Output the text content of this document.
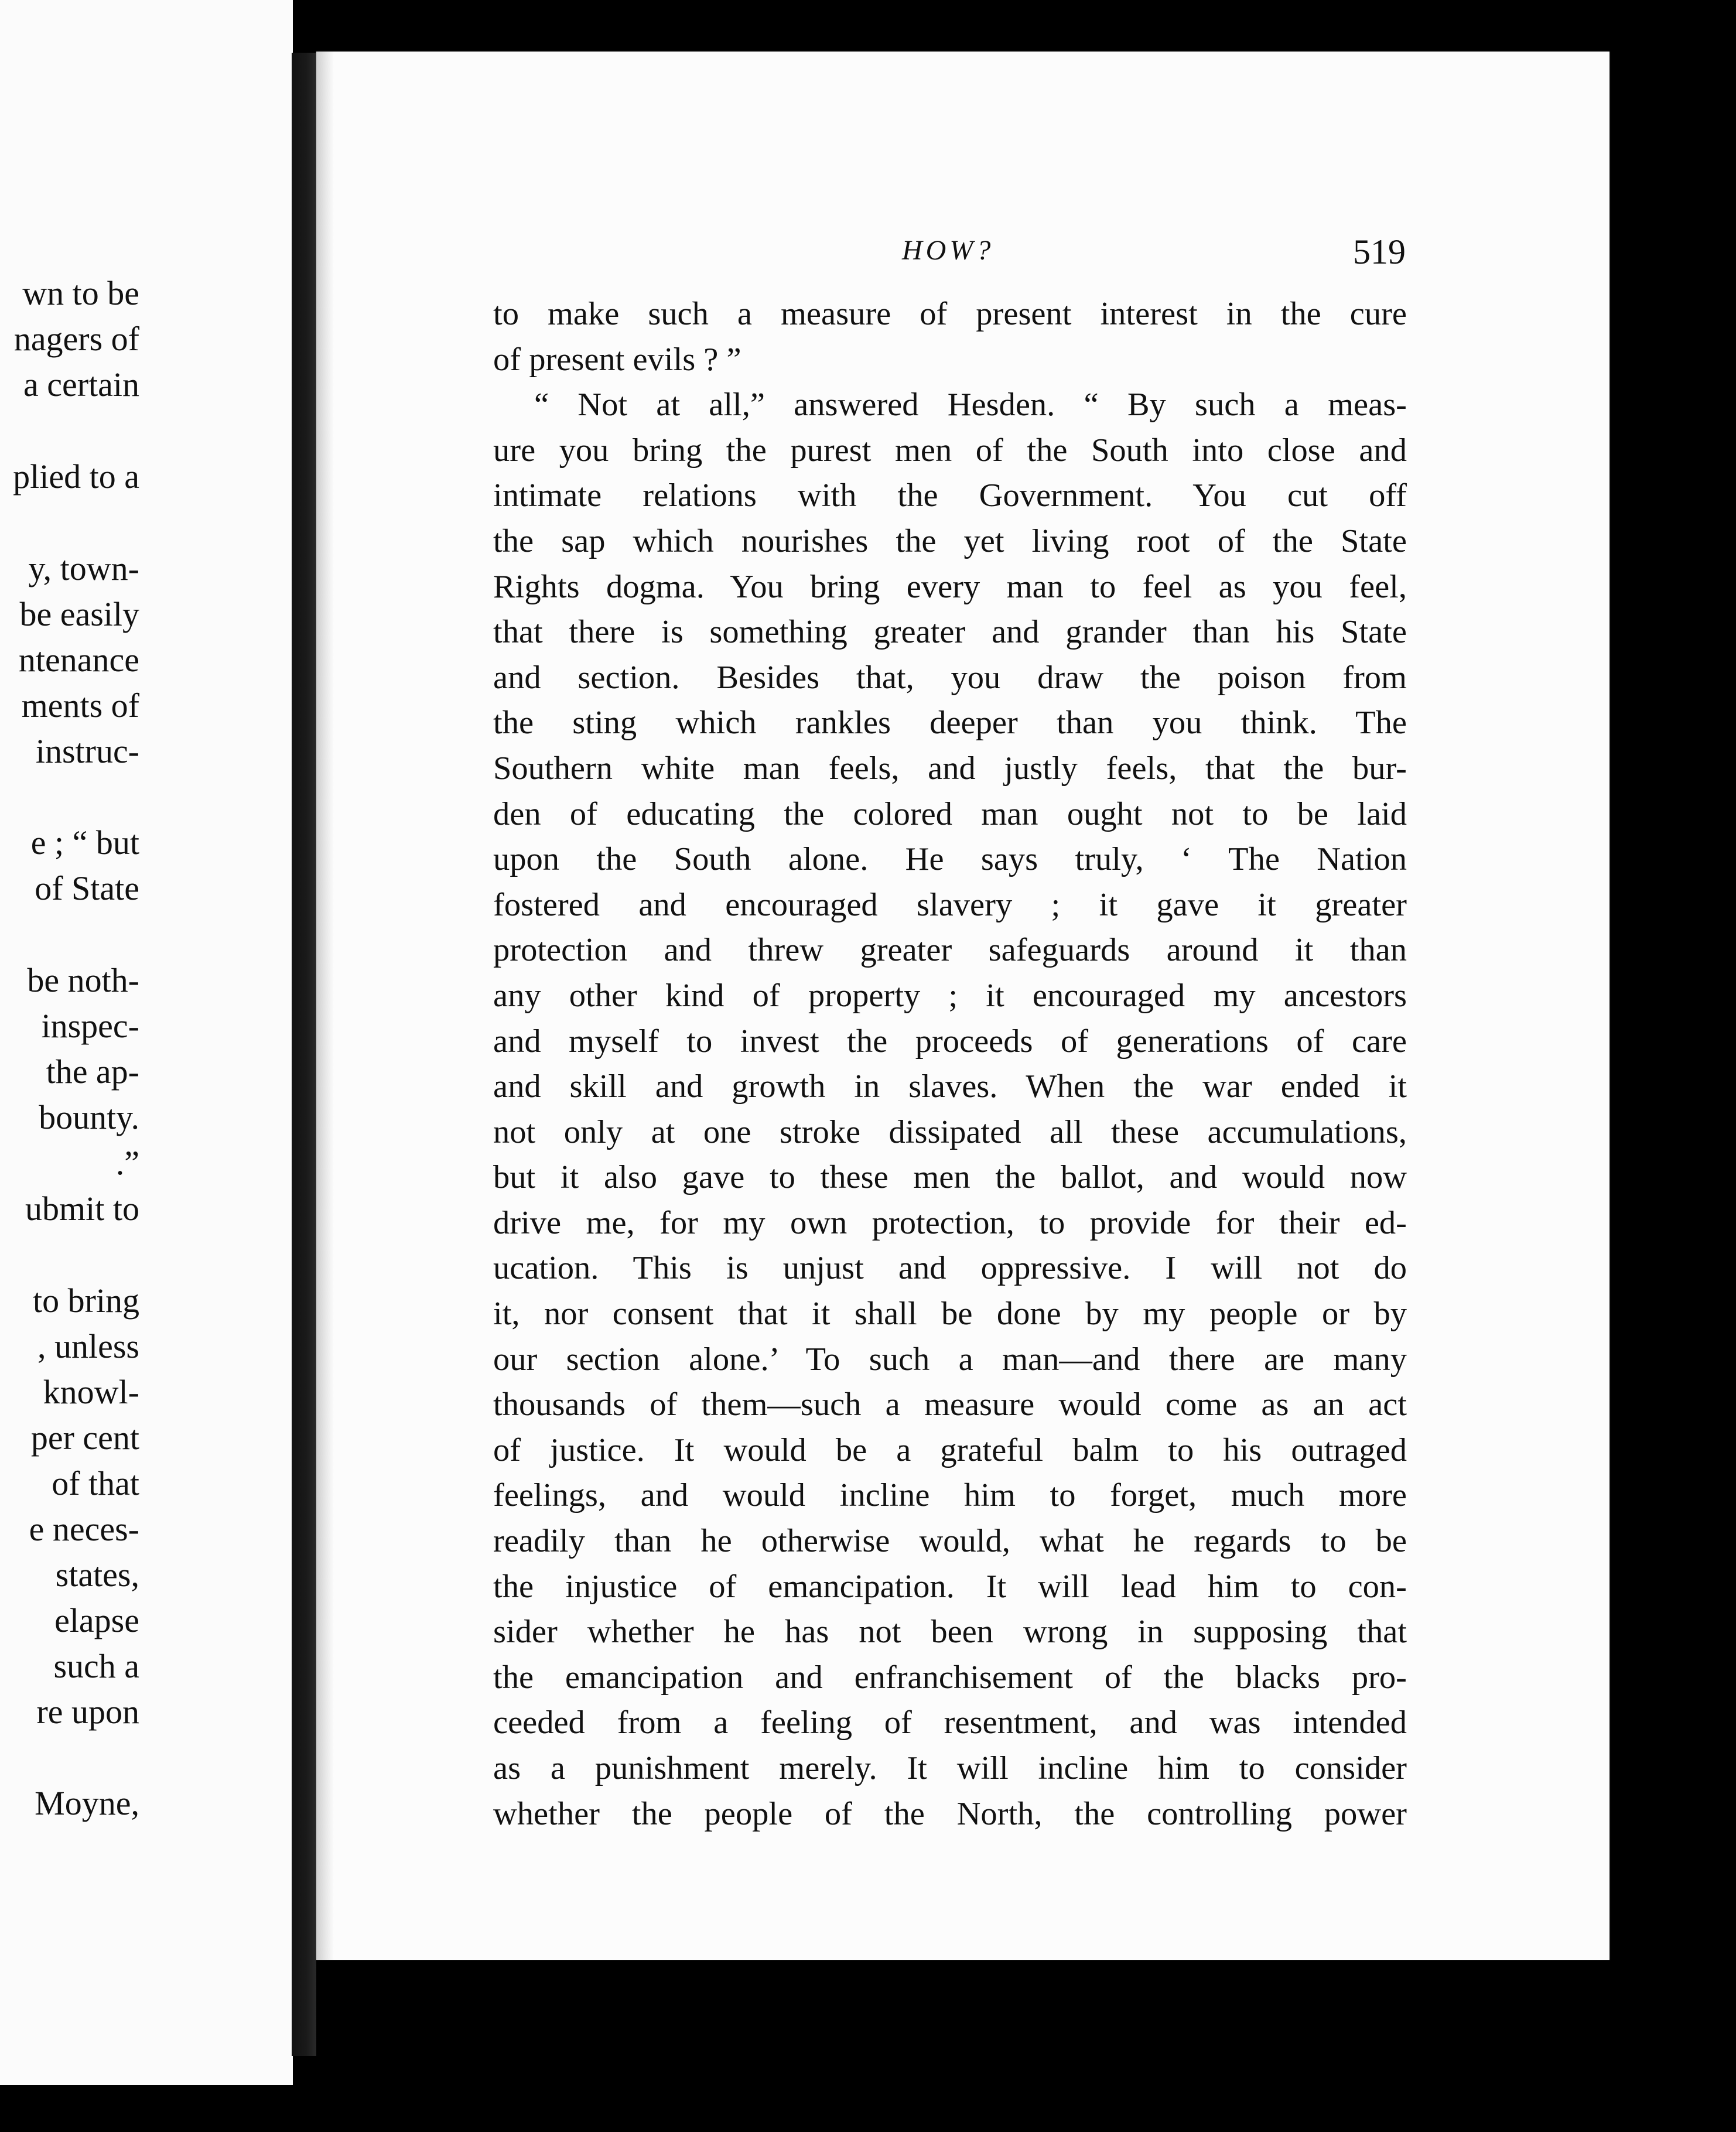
wn to be
nagers of
a certain
plied to a
y, town-
be easily
ntenance
ments of
instruc-
e ; “ but
of State
be noth-
inspec-
the ap-
bounty.
.”
ubmit to
to bring
, unless
knowl-
per cent
of that
e neces-
states,
elapse
such a
re upon
Moyne,
HOW?	519
to make such a measure of present interest in the cure
of present evils ? ”
“ Not at all,” answered Hesden. “ By such a meas-
ure you bring the purest men of the South into close and
intimate relations with the Government. You cut off
the sap which nourishes the yet living root of the State
Rights dogma. You bring every man to feel as you feel,
that there is something greater and grander than his State
and section. Besides that, you draw the poison from
the sting which rankles deeper than you think. The
Southern white man feels, and justly feels, that the bur-
den of educating the colored man ought not to be laid
upon the South alone. He says truly, ‘ The Nation
fostered and encouraged slavery ; it gave it greater
protection and threw greater safeguards around it than
any other kind of property ; it encouraged my ancestors
and myself to invest the proceeds of generations of care
and skill and growth in slaves. When the war ended it
not only at one stroke dissipated all these accumulations,
but it also gave to these men the ballot, and would now
drive me, for my own protection, to provide for their ed-
ucation. This is unjust and oppressive. I will not do
it, nor consent that it shall be done by my people or by
our section alone.’ To such a man—and there are many
thousands of them—such a measure would come as an act
of justice. It would be a grateful balm to his outraged
feelings, and would incline him to forget, much more
readily than he otherwise would, what he regards to be
the injustice of emancipation. It will lead him to con-
sider whether he has not been wrong in supposing that
the emancipation and enfranchisement of the blacks pro-
ceeded from a feeling of resentment, and was intended
as a punishment merely. It will incline him to consider
whether the people of the North, the controlling power
